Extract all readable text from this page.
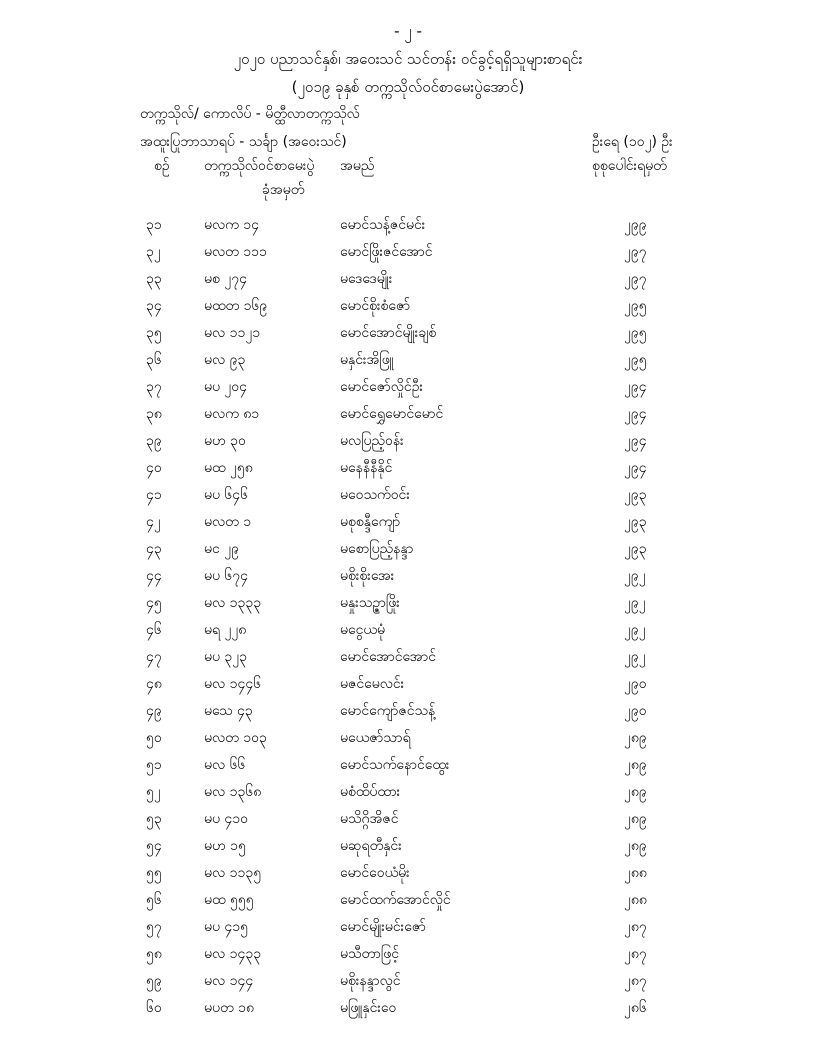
- ၂ -
၂၀၂၀ ပညာသင်နှစ်၊ အဝေးသင် သင်တန်း ဝင်ခွင့်ရရှိသူများစာရင်း
(၂၀၁၉ ခုနှစ် တက္ကသိုလ်ဝင်စာမေးပွဲအောင်)
တက္ကသိုလ်/ ကောလိပ် - မိတ္ထီလာတက္ကသိုလ်
အထူးပြုဘာသာရပ် - သင်္ချာ (အဝေးသင်)	ဦးရေ (၁၀၂) ဦး
စဉ် တက္ကသိုလ်ဝင်စာမေးပွဲ
ခုံအမှတ်
အမည်	စုစုပေါင်းရမှတ်
၃၁	မလက ၁၄	မောင်သန့်ဇင်မင်း	၂၉၉
၃၂	မလတ ၁၁၁	မောင်ဖြိုးဇင်အောင်	၂၉၇
၃၃	မစ ၂၇၄	မဒေဒေမျိုး	၂၉၇
၃၄	မထတ ၁၆၉	မောင်စိုးစံဇော်	၂၉၅
၃၅	မလ ၁၁၂၁	မောင်အောင်မျိုးချစ်	၂၉၅
၃၆	မလ ၉၃	မနှင်းအိဖြူ	၂၉၅
၃၇	မပ ၂၀၄	မောင်ဇော်လှိုင်ဦး	၂၉၄
၃၈	မလက ၈၁	မောင်ရွှေမောင်မောင်	၂၉၄
၃၉	မဟ ၃၀	မလပြည့်ဝန်း	၂၉၄
၄၀	မထ ၂၅၈	မနေနီနီနိုင်	၂၉၄
၄၁	မပ ၆၄၆	မဝေသက်ဝင်း	၂၉၃
၄၂	မလတ ၁	မစုစန္ဒီကျော်	၂၉၃
၄၃	မင ၂၉	မစောပြည့်နန္ဒာ	၂၉၃
၄၄	မပ ၆၇၄	မစိုးစိုးအေး	၂၉၂
၄၅	မလ ၁၃၃၃	မနှုးသဉ္ဇာဖြိုး	၂၉၂
၄၆	မရ ၂၂၈	မငွေယမုံ	၂၉၂
၄၇	မပ ၃၂၃	မောင်အောင်အောင်	၂၉၂
၄၈	မလ ၁၄၄၆	မဇင်မေလင်း	၂၉၀
၄၉	မသေ ၄၃	မောင်ကျော်ဇင်သန့်	၂၉၀
၅၀	မလတ ၁၀၃	မယေဇာ်သာရ်	၂၈၉
၅၁	မလ ၆၆	မောင်သက်နောင်ထွေး	၂၈၉
၅၂	မလ ၁၃၆၈	မစံထိပ်ထား	၂၈၉
၅၃	မပ ၄၁၀	မသိဂ္ဂိအိဇင်	၂၈၉
၅၄	မဟ ၁၅	မဆုရတီနှင်း	၂၈၉
၅၅	မလ ၁၁၃၅	မောင်ဝေယံမိုး	၂၈၈
၅၆	မထ ၅၅၅	မောင်ထက်အောင်လှိုင်	၂၈၈
၅၇	မပ ၄၁၅	မောင်မျိုးမင်းဇော်	၂၈၇
၅၈	မလ ၁၄၃၃	မသီတာဖြင့်	၂၈၇
၅၉	မလ ၁၄၄	မစိုးနန္ဒာလွင်	၂၈၇
၆၀	မပတ ၁၈	မဖြူနှင်းဝေ	၂၈၆
